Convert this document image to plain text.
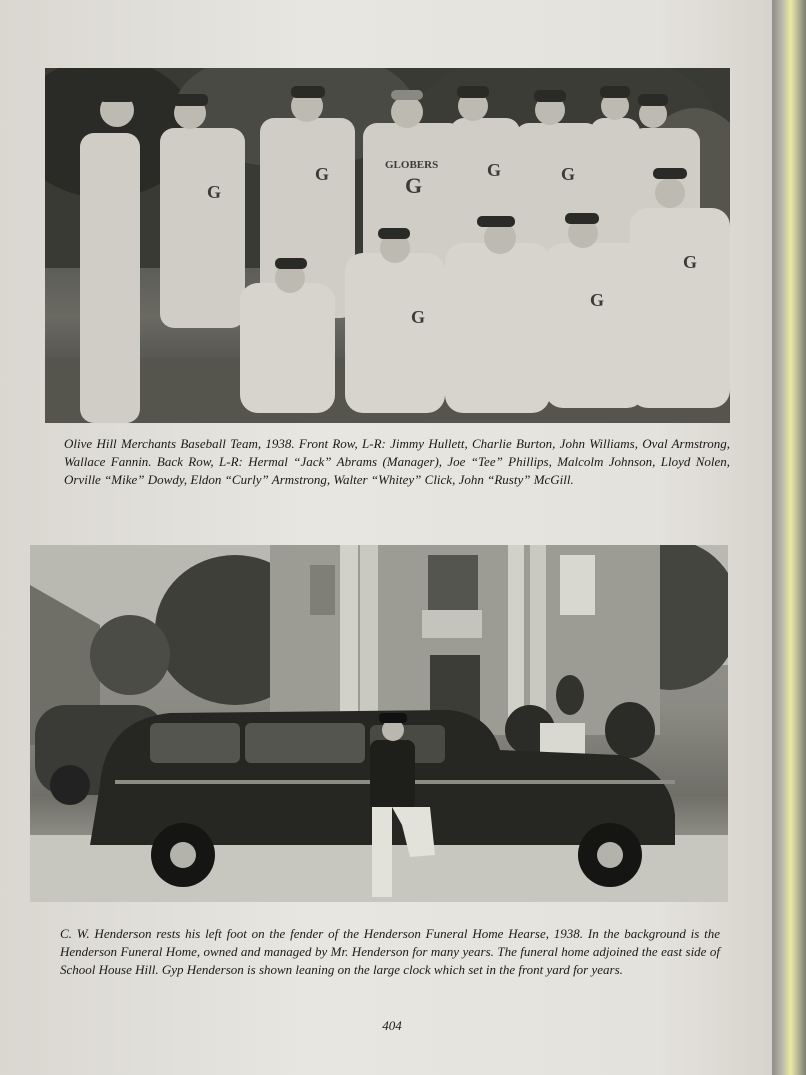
G
G	G	G
G
G
G
GLOBERS
G

Olive Hill Merchants Baseball Team, 1938. Front Row, L-R: Jimmy Hullett, Charlie Burton, John Williams, Oval Armstrong, Wallace Fannin. Back Row, L-R: Hermal “Jack” Abrams (Manager), Joe “Tee” Phillips, Malcolm Johnson, Lloyd Nolen, Orville “Mike” Dowdy, Eldon “Curly” Armstrong, Walter “Whitey” Click, John “Rusty” McGill.

C. W. Henderson rests his left foot on the fender of the Henderson Funeral Home Hearse, 1938. In the background is the Henderson Funeral Home, owned and managed by Mr. Henderson for many years. The funeral home adjoined the east side of School House Hill. Gyp Henderson is shown leaning on the large clock which set in the front yard for years.

404
